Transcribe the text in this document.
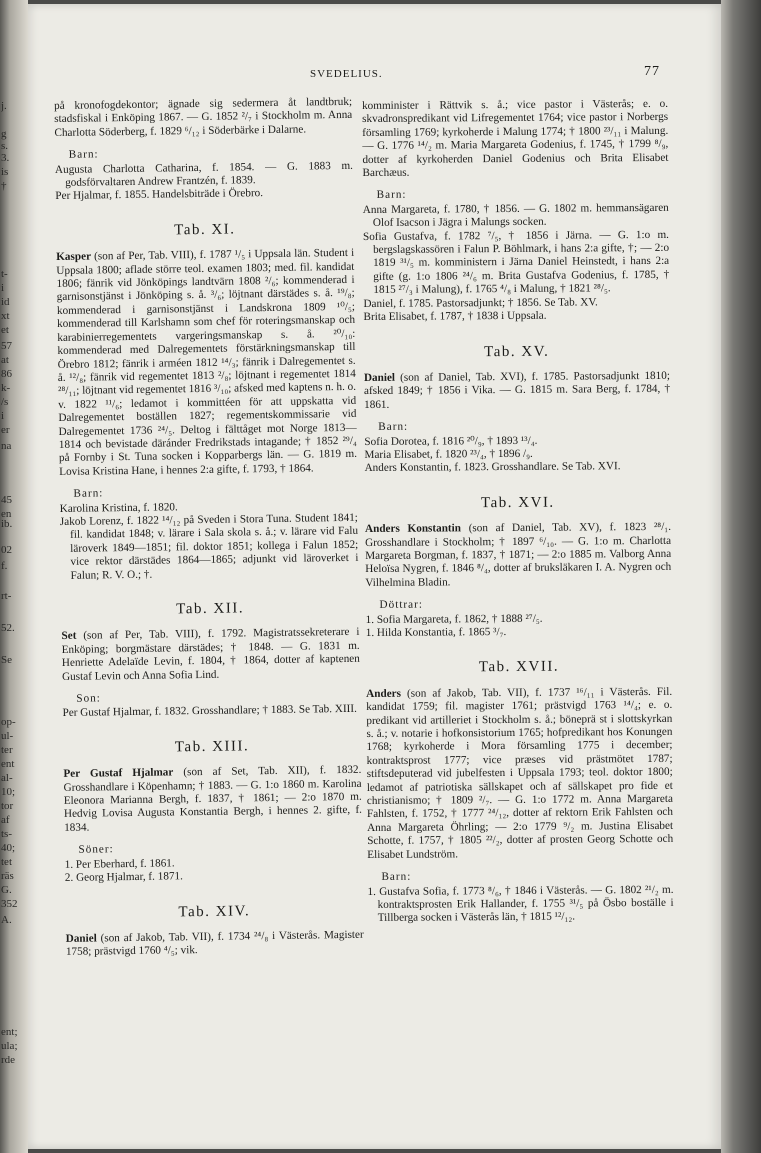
j.
g
s.
3.
is
†
t-
i
id
xt
et
57
at
86
k-
/s
i
er
na
45
en
ib.
02
f.
rt-
52.
Se
op-
ul-
ter
ent
al-
10;
tor
af
ts-
40;
tet
räs
G.
352
A.
ent;
ula;
rde
SVEDELIUS.	77

på kronofogdekontor; ägnade sig sedermera åt landtbruk; stadsfiskal i Enköping 1867. — G. 1852 ²/₇ i Stockholm m. Anna Charlotta Söderberg, f. 1829 ⁶/₁₂ i Söderbärke i Dalarne.

Barn:

Augusta Charlotta Catharina, f. 1854. — G. 1883 m. godsförvaltaren Andrew Frantzén, f. 1839.

Per Hjalmar, f. 1855. Handelsbiträde i Örebro.

Tab. XI.

Kasper (son af Per, Tab. VIII), f. 1787 ¹/₅ i Uppsala län. Student i Uppsala 1800; aflade större teol. examen 1803; med. fil. kandidat 1806; fänrik vid Jönköpings landtvärn 1808 ²/₆; kommenderad i garnisonstjänst i Jönköping s. å. ³/₆; löjtnant därstädes s. å. ¹⁹/₈; kommenderad i garnisonstjänst i Landskrona 1809 ¹⁰/₅; kommenderad till Karlshamn som chef för roteringsmanskap och karabinierregementets vargeringsmanskap s. å. ²⁰/₁₀: kommenderad med Dalregementets förstärkningsmanskap till Örebro 1812; fänrik i arméen 1812 ¹⁴/₃; fänrik i Dalregementet s. å. ¹²/₈; fänrik vid regementet 1813 ²/₈; löjtnant i regementet 1814 ²⁸/₁₁; löjtnant vid regementet 1816 ³/₁₀; afsked med kaptens n. h. o. v. 1822 ¹¹/₆; ledamot i kommittéen för att uppskatta vid Dalregementet boställen 1827; regementskommissarie vid Dalregementet 1736 ²⁴/₅. Deltog i fälttåget mot Norge 1813—1814 och bevistade däránder Fredrikstads intagande; † 1852 ²⁹/₄ på Fornby i St. Tuna socken i Kopparbergs län. — G. 1819 m. Lovisa Kristina Hane, i hennes 2:a gifte, f. 1793, † 1864.

Barn:

Karolina Kristina, f. 1820.

Jakob Lorenz, f. 1822 ¹⁴/₁₂ på Sveden i Stora Tuna. Student 1841; fil. kandidat 1848; v. lärare i Sala skola s. å.; v. lärare vid Falu läroverk 1849—1851; fil. doktor 1851; kollega i Falun 1852; vice rektor därstädes 1864—1865; adjunkt vid läroverket i Falun; R. V. O.; †.

Tab. XII.

Set (son af Per, Tab. VIII), f. 1792. Magistratssekreterare i Enköping; borgmästare därstädes; † 1848. — G. 1831 m. Henriette Adelaïde Levin, f. 1804, † 1864, dotter af kaptenen Gustaf Levin och Anna Sofia Lind.

Son:

Per Gustaf Hjalmar, f. 1832. Grosshandlare; † 1883. Se Tab. XIII.

Tab. XIII.

Per Gustaf Hjalmar (son af Set, Tab. XII), f. 1832. Grosshandlare i Köpenhamn; † 1883. — G. 1:o 1860 m. Karolina Eleonora Marianna Bergh, f. 1837, † 1861; — 2:o 1870 m. Hedvig Lovisa Augusta Konstantia Bergh, i hennes 2. gifte, f. 1834.

Söner:

1. Per Eberhard, f. 1861.

2. Georg Hjalmar, f. 1871.

Tab. XIV.

Daniel (son af Jakob, Tab. VII), f. 1734 ²⁴/₈ i Västerås. Magister 1758; prästvigd 1760 ⁴/₅; vik.

komminister i Rättvik s. å.; vice pastor i Västerås; e. o. skvadronspredikant vid Lifregementet 1764; vice pastor i Norbergs församling 1769; kyrkoherde i Malung 1774; † 1800 ²³/₁₁ i Malung. — G. 1776 ¹⁴/₂ m. Maria Margareta Godenius, f. 1745, † 1799 ⁸/₉, dotter af kyrkoherden Daniel Godenius och Brita Elisabet Barchæus.

Barn:

Anna Margareta, f. 1780, † 1856. — G. 1802 m. hemmansägaren Olof Isacson i Jägra i Malungs socken.

Sofia Gustafva, f. 1782 ⁷/₅, † 1856 i Järna. — G. 1:o m. bergslagskassören i Falun P. Böhlmark, i hans 2:a gifte, †; — 2:o 1819 ³¹/₅ m. komministern i Järna Daniel Heinstedt, i hans 2:a gifte (g. 1:o 1806 ²⁴/₆ m. Brita Gustafva Godenius, f. 1785, † 1815 ²⁷/₃ i Malung), f. 1765 ⁴/₈ i Malung, † 1821 ²⁸/₅.

Daniel, f. 1785. Pastorsadjunkt; † 1856. Se Tab. XV.

Brita Elisabet, f. 1787, † 1838 i Uppsala.

Tab. XV.

Daniel (son af Daniel, Tab. XVI), f. 1785. Pastorsadjunkt 1810; afsked 1849; † 1856 i Vika. — G. 1815 m. Sara Berg, f. 1784, † 1861.

Barn:

Sofia Dorotea, f. 1816 ²⁰/₉, † 1893 ¹³/₄.

Maria Elisabet, f. 1820 ²³/₄, † 1896 /₉.

Anders Konstantin, f. 1823. Grosshandlare. Se Tab. XVI.

Tab. XVI.

Anders Konstantin (son af Daniel, Tab. XV), f. 1823 ²⁸/₁. Grosshandlare i Stockholm; † 1897 ⁶/₁₀. — G. 1:o m. Charlotta Margareta Borgman, f. 1837, † 1871; — 2:o 1885 m. Valborg Anna Heloïsa Nygren, f. 1846 ⁸/₄, dotter af bruksläkaren I. A. Nygren och Vilhelmina Bladin.

Döttrar:

1. Sofia Margareta, f. 1862, † 1888 ²⁷/₅.

1. Hilda Konstantia, f. 1865 ³/₇.

Tab. XVII.

Anders (son af Jakob, Tab. VII), f. 1737 ¹⁶/₁₁ i Västerås. Fil. kandidat 1759; fil. magister 1761; prästvigd 1763 ¹⁴/₄; e. o. predikant vid artilleriet i Stockholm s. å.; böneprä st i slottskyrkan s. å.; v. notarie i hofkonsistorium 1765; hofpredikant hos Konungen 1768; kyrkoherde i Mora församling 1775 i december; kontraktsprost 1777; vice præses vid prästmötet 1787; stiftsdeputerad vid jubelfesten i Uppsala 1793; teol. doktor 1800; ledamot af patriotiska sällskapet och af sällskapet pro fide et christianismo; † 1809 ²/₇. — G. 1:o 1772 m. Anna Margareta Fahlsten, f. 1752, † 1777 ²⁴/₁₂, dotter af rektorn Erik Fahlsten och Anna Margareta Öhrling; — 2:o 1779 ⁹/₂ m. Justina Elisabet Schotte, f. 1757, † 1805 ²²/₂, dotter af prosten Georg Schotte och Elisabet Lundström.

Barn:

1. Gustafva Sofia, f. 1773 ⁸/₆, † 1846 i Västerås. — G. 1802 ²¹/₂ m. kontraktsprosten Erik Hallander, f. 1755 ³¹/₅ på Ösbo boställe i Tillberga socken i Västerås län, † 1815 ¹²/₁₂.
